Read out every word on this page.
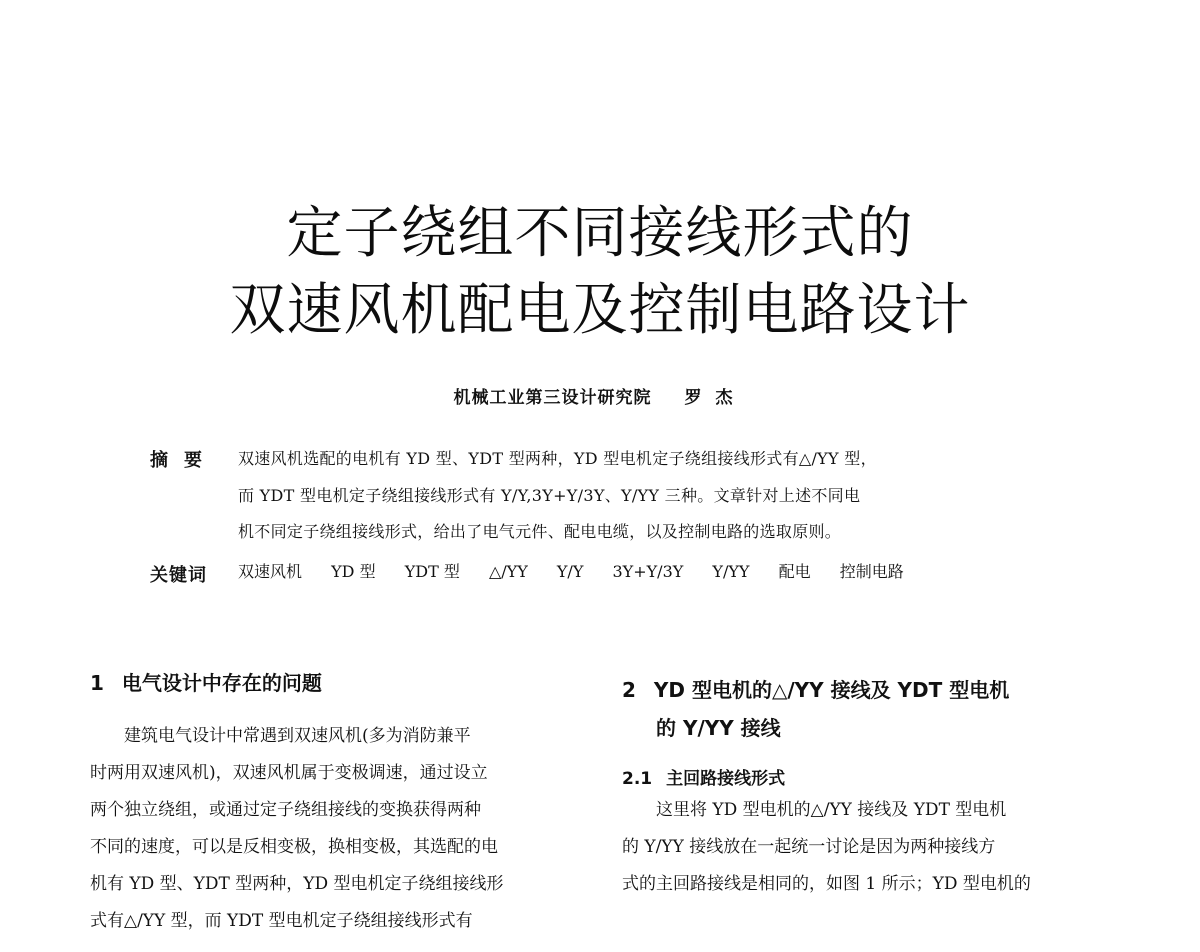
定子绕组不同接线形式的
双速风机配电及控制电路设计
机械工业第三设计研究院 罗杰
摘要 双速风机选配的电机有 YD 型、YDT 型两种，YD 型电机定子绕组接线形式有△/YY 型，
而 YDT 型电机定子绕组接线形式有 Y/Y,3Y+Y/3Y、Y/YY 三种。文章针对上述不同电
机不同定子绕组接线形式，给出了电气元件、配电电缆，以及控制电路的选取原则。
关键词 双速风机 YD 型 YDT 型 △/YY Y/Y 3Y+Y/3Y Y/YY 配电 控制电路
1 电气设计中存在的问题
　　建筑电气设计中常遇到双速风机(多为消防兼平
时两用双速风机)，双速风机属于变极调速，通过设立
两个独立绕组，或通过定子绕组接线的变换获得两种
不同的速度，可以是反相变极，换相变极，其选配的电
机有 YD 型、YDT 型两种，YD 型电机定子绕组接线形
式有△/YY 型，而 YDT 型电机定子绕组接线形式有
2 YD 型电机的△/YY 接线及 YDT 型电机
的 Y/YY 接线
2.1 主回路接线形式
　　这里将 YD 型电机的△/YY 接线及 YDT 型电机
的 Y/YY 接线放在一起统一讨论是因为两种接线方
式的主回路接线是相同的，如图 1 所示；YD 型电机的
